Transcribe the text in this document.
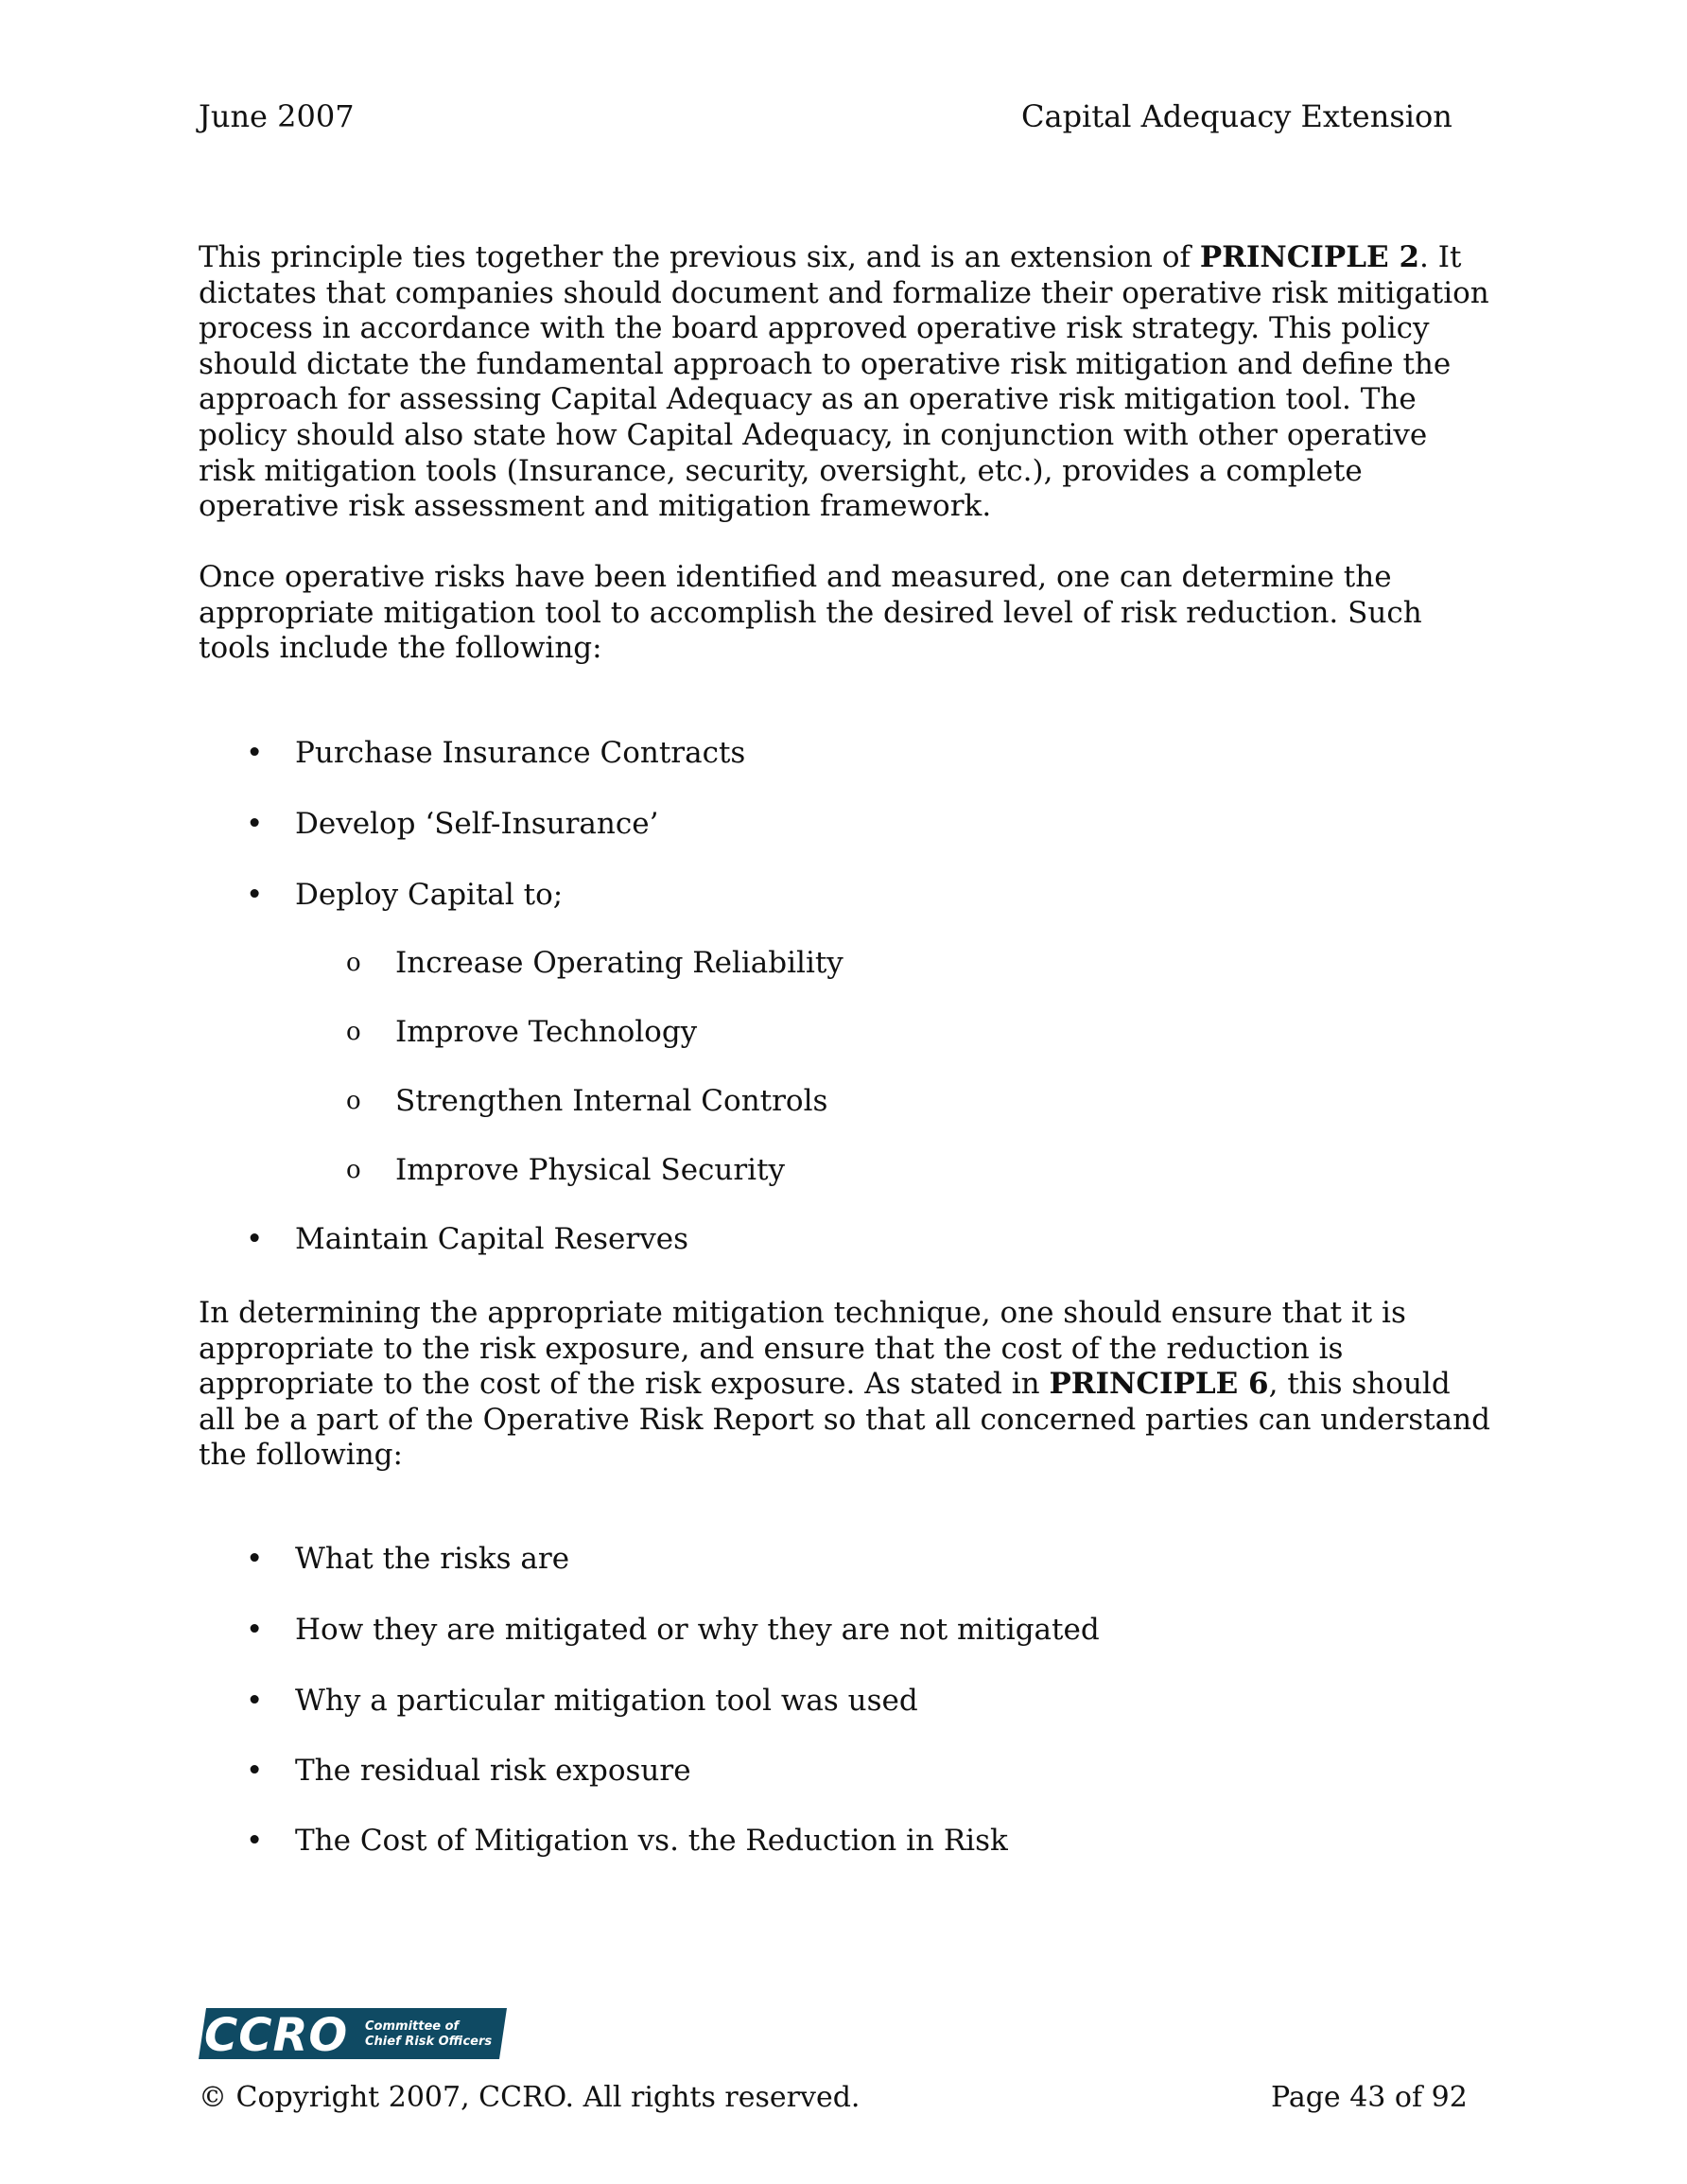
June 2007	Capital Adequacy Extension

This principle ties together the previous six, and is an extension of PRINCIPLE 2. It
dictates that companies should document and formalize their operative risk mitigation
process in accordance with the board approved operative risk strategy. This policy
should dictate the fundamental approach to operative risk mitigation and define the
approach for assessing Capital Adequacy as an operative risk mitigation tool. The
policy should also state how Capital Adequacy, in conjunction with other operative
risk mitigation tools (Insurance, security, oversight, etc.), provides a complete
operative risk assessment and mitigation framework.

Once operative risks have been identified and measured, one can determine the
appropriate mitigation tool to accomplish the desired level of risk reduction. Such
tools include the following:

• Purchase Insurance Contracts
• Develop ‘Self-Insurance’
• Deploy Capital to;
o Increase Operating Reliability
o Improve Technology
o Strengthen Internal Controls
o Improve Physical Security
• Maintain Capital Reserves

In determining the appropriate mitigation technique, one should ensure that it is
appropriate to the risk exposure, and ensure that the cost of the reduction is
appropriate to the cost of the risk exposure. As stated in PRINCIPLE 6, this should
all be a part of the Operative Risk Report so that all concerned parties can understand
the following:

• What the risks are
• How they are mitigated or why they are not mitigated
• Why a particular mitigation tool was used
• The residual risk exposure
• The Cost of Mitigation vs. the Reduction in Risk
CCRO Committee of
Chief Risk Officers
© Copyright 2007, CCRO. All rights reserved.	Page 43 of 92
